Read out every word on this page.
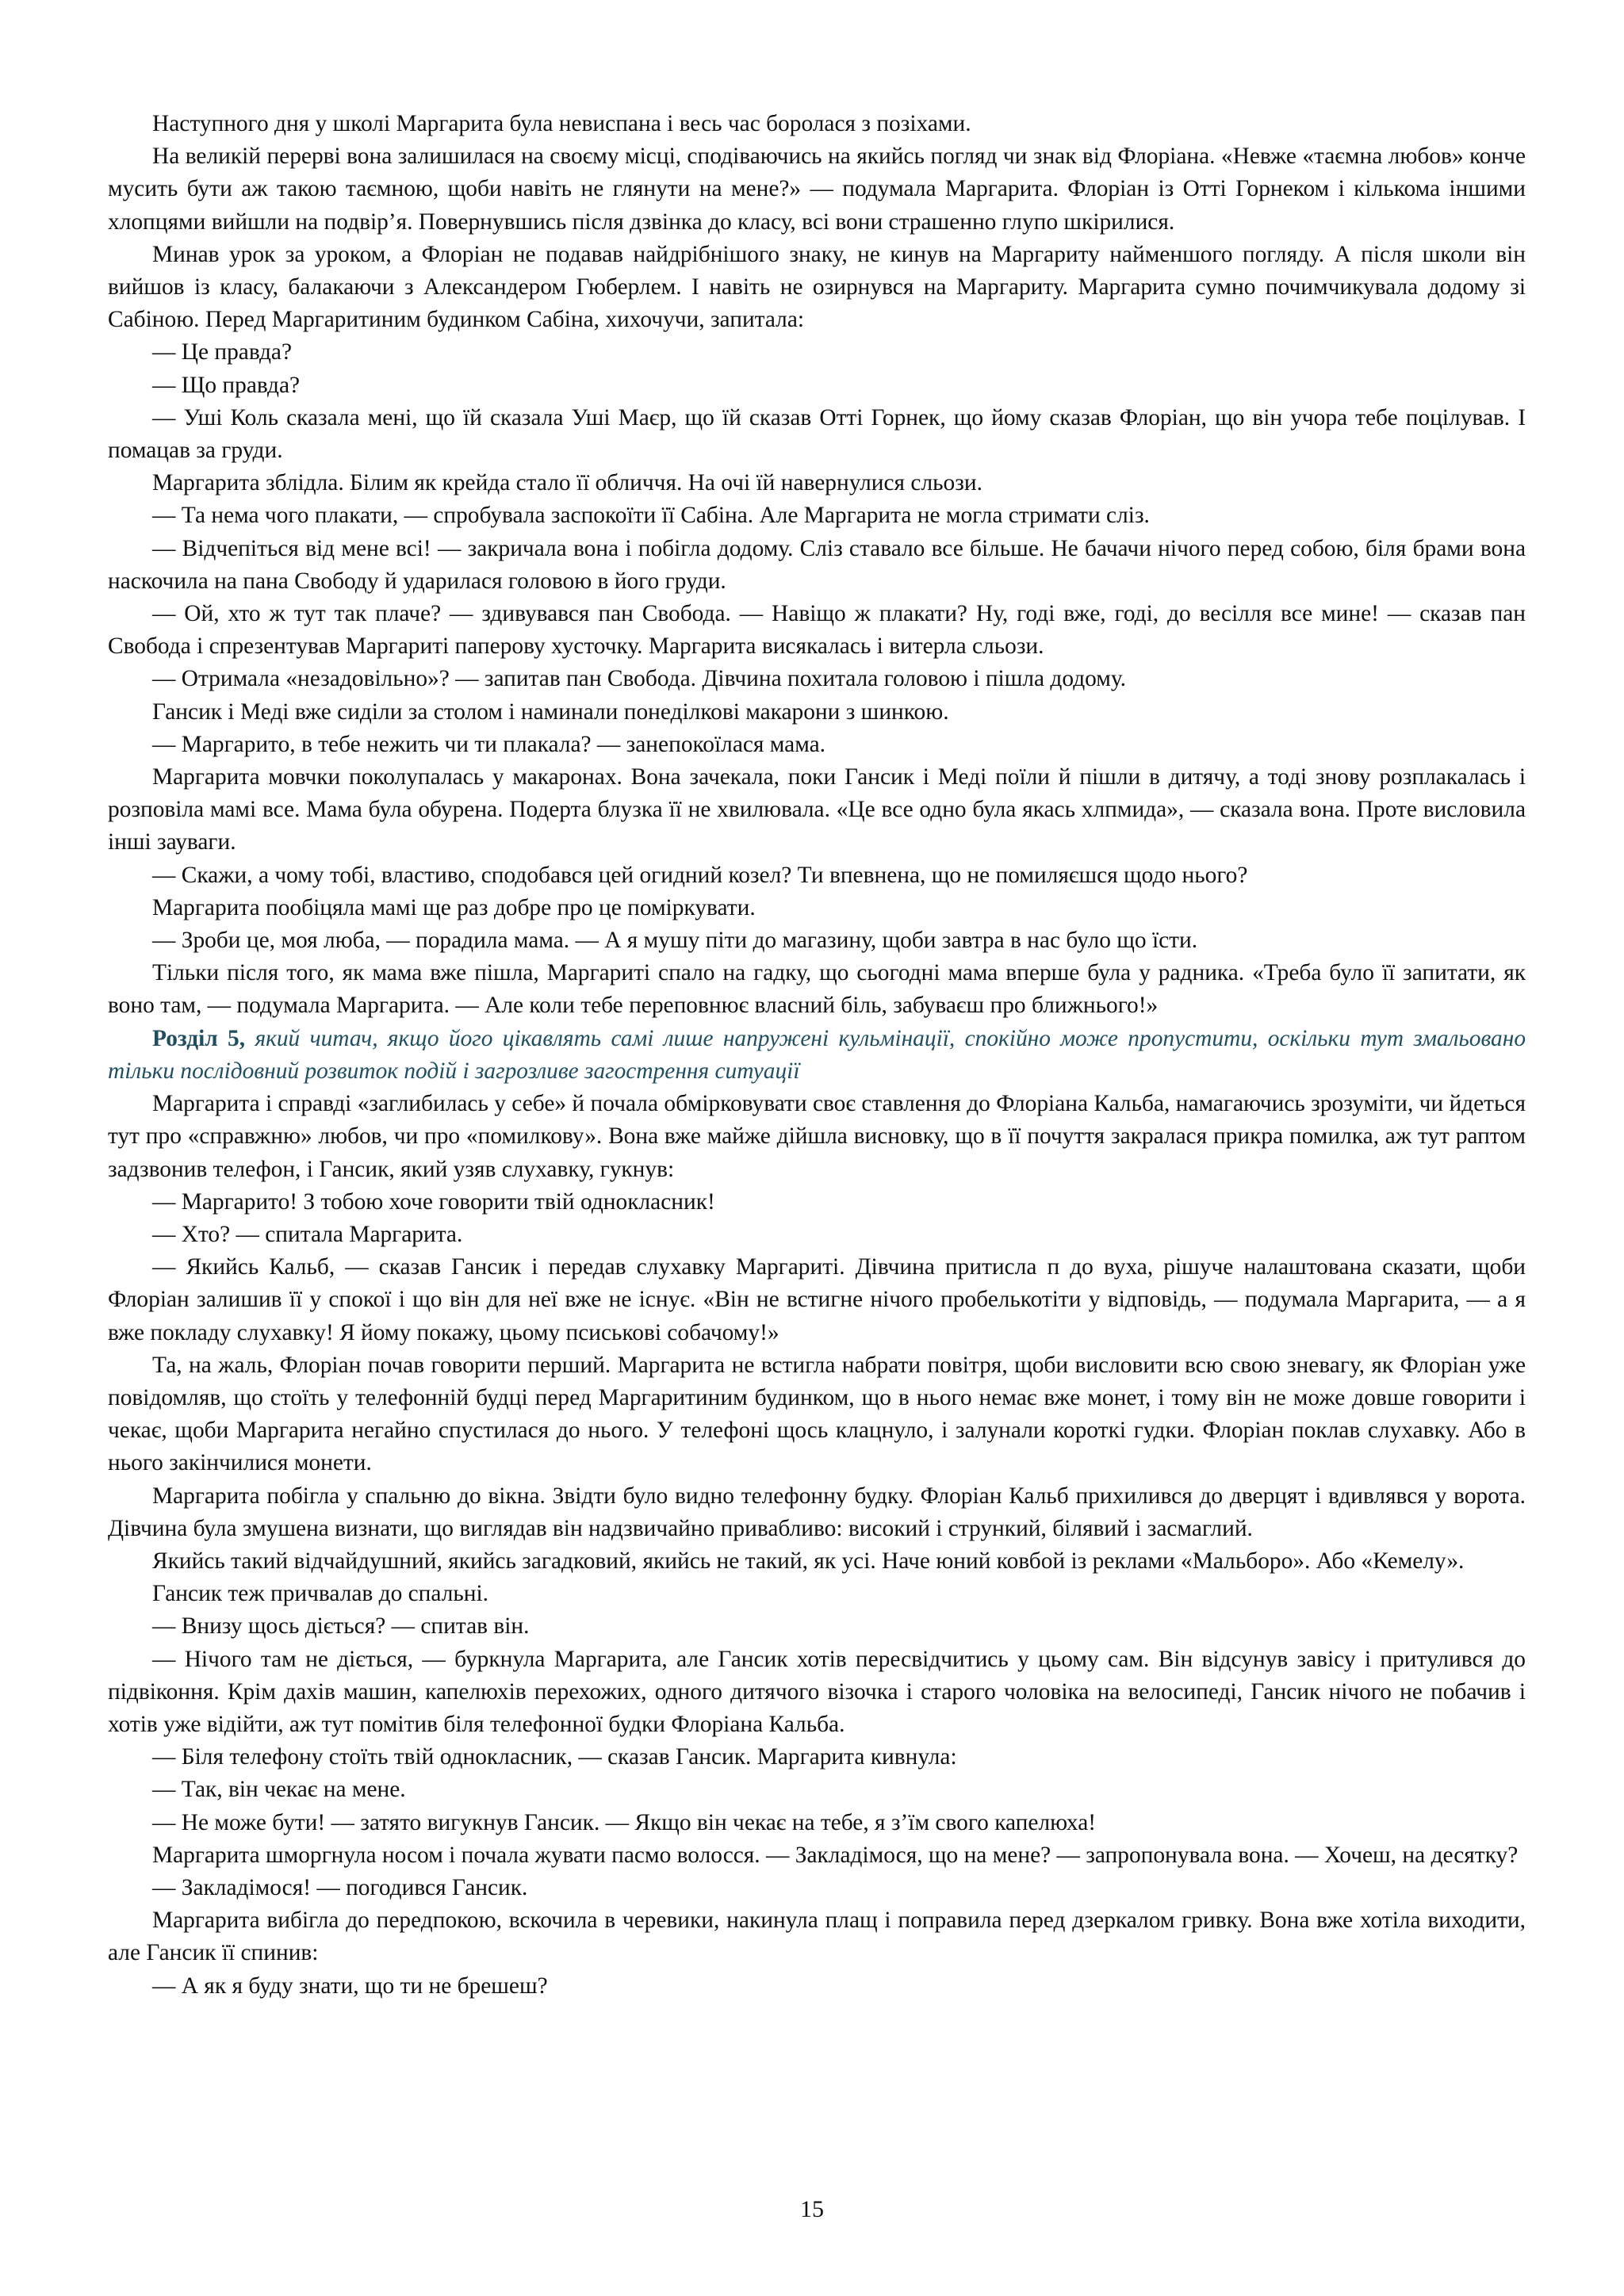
Наступного дня у школі Маргарита була невиспана і весь час боролася з позіхами.

На великій перерві вона залишилася на своєму місці, сподіваючись на якийсь погляд чи знак від Флоріана. «Невже «таємна любов» конче мусить бути аж такою таємною, щоби навіть не глянути на мене?» — подумала Маргарита. Флоріан із Отті Горнеком і кількома іншими хлопцями вийшли на подвір’я. Повернувшись після дзвінка до класу, всі вони страшенно глупо шкірилися.

Минав урок за уроком, а Флоріан не подавав найдрібнішого знаку, не кинув на Маргариту найменшого погляду. А після школи він вийшов із класу, балакаючи з Александером Гюберлем. І навіть не озирнувся на Маргариту. Маргарита сумно почимчикувала додому зі Сабіною. Перед Маргаритиним будинком Сабіна, хихочучи, запитала:

— Це правда?

— Що правда?

— Уші Коль сказала мені, що їй сказала Уші Маєр, що їй сказав Отті Горнек, що йому сказав Флоріан, що він учора тебе поцілував. І помацав за груди.

Маргарита зблідла. Білим як крейда стало її обличчя. На очі їй навернулися сльози.

— Та нема чого плакати, — спробувала заспокоїти її Сабіна. Але Маргарита не могла стримати сліз.

— Відчепіться від мене всі! — закричала вона і побігла додому. Сліз ставало все більше. Не бачачи нічого перед собою, біля брами вона наскочила на пана Свободу й ударилася головою в його груди.

— Ой, хто ж тут так плаче? — здивувався пан Свобода. — Навіщо ж плакати? Ну, годі вже, годі, до весілля все мине! — сказав пан Свобода і спрезентував Маргариті паперову хусточку. Маргарита висякалась і витерла сльози.

— Отримала «незадовільно»? — запитав пан Свобода. Дівчина похитала головою і пішла додому.

Гансик і Меді вже сиділи за столом і наминали понеділкові макарони з шинкою.

— Маргарито, в тебе нежить чи ти плакала? — занепокоїлася мама.

Маргарита мовчки поколупалась у макаронах. Вона зачекала, поки Гансик і Меді поїли й пішли в дитячу, а тоді знову розплакалась і розповіла мамі все. Мама була обурена. Подерта блузка її не хвилювала. «Це все одно була якась хлпмида», — сказала вона. Проте висловила інші зауваги.

— Скажи, а чому тобі, властиво, сподобався цей огидний козел? Ти впевнена, що не помиляєшся щодо нього?

Маргарита пообіцяла мамі ще раз добре про це поміркувати.

— Зроби це, моя люба, — порадила мама. — А я мушу піти до магазину, щоби завтра в нас було що їсти.

Тільки після того, як мама вже пішла, Маргариті спало на гадку, що сьогодні мама вперше була у радника. «Треба було її запитати, як воно там, — подумала Маргарита. — Але коли тебе переповнює власний біль, забуваєш про ближнього!»

Розділ 5, який читач, якщо його цікавлять самі лише напружені кульмінації, спокійно може пропустити, оскільки тут змальовано тільки послідовний розвиток подій і загрозливе загострення ситуації

Маргарита і справді «заглибилась у себе» й почала обмірковувати своє ставлення до Флоріана Кальба, намагаючись зрозуміти, чи йдеться тут про «справжню» любов, чи про «помилкову». Вона вже майже дійшла висновку, що в її почуття закралася прикра помилка, аж тут раптом задзвонив телефон, і Гансик, який узяв слухавку, гукнув:

— Маргарито! З тобою хоче говорити твій однокласник!

— Хто? — спитала Маргарита.

— Якийсь Кальб, — сказав Гансик і передав слухавку Маргариті. Дівчина притисла п до вуха, рішуче налаштована сказати, щоби Флоріан залишив її у спокої і що він для неї вже не існує. «Він не встигне нічого пробелькотіти у відповідь, — подумала Маргарита, — а я вже покладу слухавку! Я йому покажу, цьому псиськові собачому!»

Та, на жаль, Флоріан почав говорити перший. Маргарита не встигла набрати повітря, щоби висловити всю свою зневагу, як Флоріан уже повідомляв, що стоїть у телефонній будці перед Маргаритиним будинком, що в нього немає вже монет, і тому він не може довше говорити і чекає, щоби Маргарита негайно спустилася до нього. У телефоні щось клацнуло, і залунали короткі гудки. Флоріан поклав слухавку. Або в нього закінчилися монети.

Маргарита побігла у спальню до вікна. Звідти було видно телефонну будку. Флоріан Кальб прихилився до дверцят і вдивлявся у ворота. Дівчина була змушена визнати, що виглядав він надзвичайно привабливо: високий і стрункий, білявий і засмаглий.

Якийсь такий відчайдушний, якийсь загадковий, якийсь не такий, як усі. Наче юний ковбой із реклами «Мальборо». Або «Кемелу».

Гансик теж причвалав до спальні.

— Внизу щось діється? — спитав він.

— Нічого там не діється, — буркнула Маргарита, але Гансик хотів пересвідчитись у цьому сам. Він відсунув завісу і притулився до підвіконня. Крім дахів машин, капелюхів перехожих, одного дитячого візочка і старого чоловіка на велосипеді, Гансик нічого не побачив і хотів уже відійти, аж тут помітив біля телефонної будки Флоріана Кальба.

— Біля телефону стоїть твій однокласник, — сказав Гансик. Маргарита кивнула:

— Так, він чекає на мене.

— Не може бути! — затято вигукнув Гансик. — Якщо він чекає на тебе, я з’їм свого капелюха!

Маргарита шморгнула носом і почала жувати пасмо волосся. — Закладімося, що на мене? — запропонувала вона. — Хочеш, на десятку?

— Закладімося! — погодився Гансик.

Маргарита вибігла до передпокою, вскочила в черевики, накинула плащ і поправила перед дзеркалом гривку. Вона вже хотіла виходити, але Гансик її спинив:

— А як я буду знати, що ти не брешеш?

15
